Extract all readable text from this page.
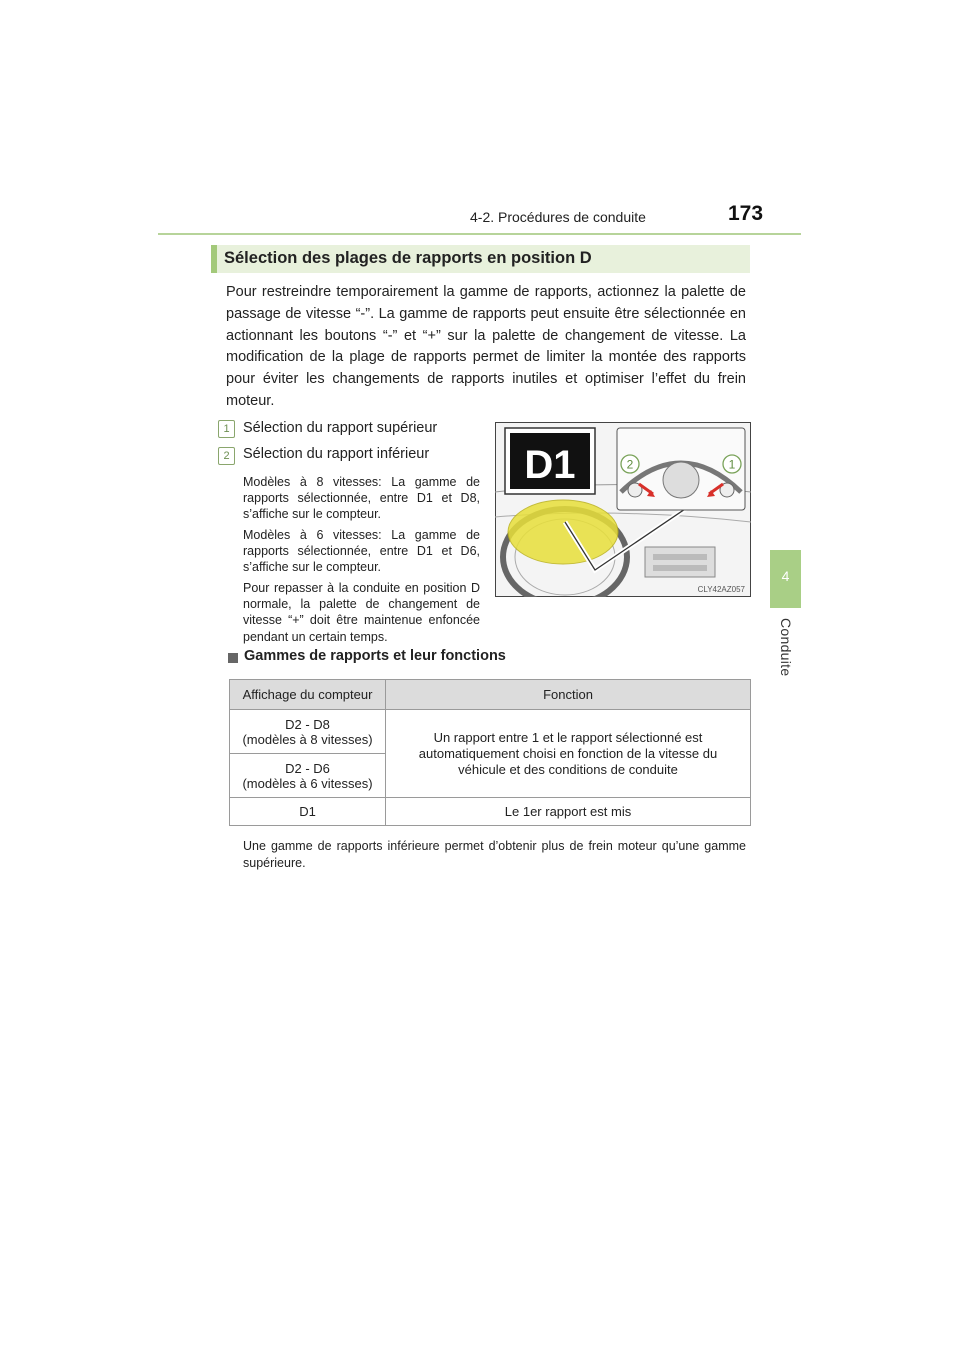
4-2. Procédures de conduite	173
4
Conduite
Sélection des plages de rapports en position D
Pour restreindre temporairement la gamme de rapports, actionnez la palette de passage de vitesse “-”. La gamme de rapports peut ensuite être sélectionnée en actionnant les boutons “-” et “+” sur la palette de changement de vitesse. La modification de la plage de rapports permet de limiter la montée des rapports pour éviter les changements de rapports inutiles et optimiser l’effet du frein moteur.
1 Sélection du rapport supérieur
2 Sélection du rapport inférieur
Modèles à 8 vitesses: La gamme de rapports sélectionnée, entre D1 et D8, s’affiche sur le compteur.
Modèles à 6 vitesses: La gamme de rapports sélectionnée, entre D1 et D6, s’affiche sur le compteur.
Pour repasser à la conduite en position D normale, la palette de changement de vitesse “+” doit être maintenue enfoncée pendant un certain temps.
D1	2	1
CLY42AZ057
Gammes de rapports et leur fonctions
Affichage du compteur	Fonction

D2 - D8
(modèles à 8 vitesses)	Un rapport entre 1 et le rapport sélectionné est automatiquement choisi en fonction de la vitesse du véhicule et des conditions de conduite

D2 - D6
(modèles à 6 vitesses)	

D1	Le 1er rapport est mis
Une gamme de rapports inférieure permet d’obtenir plus de frein moteur qu’une gamme supérieure.
